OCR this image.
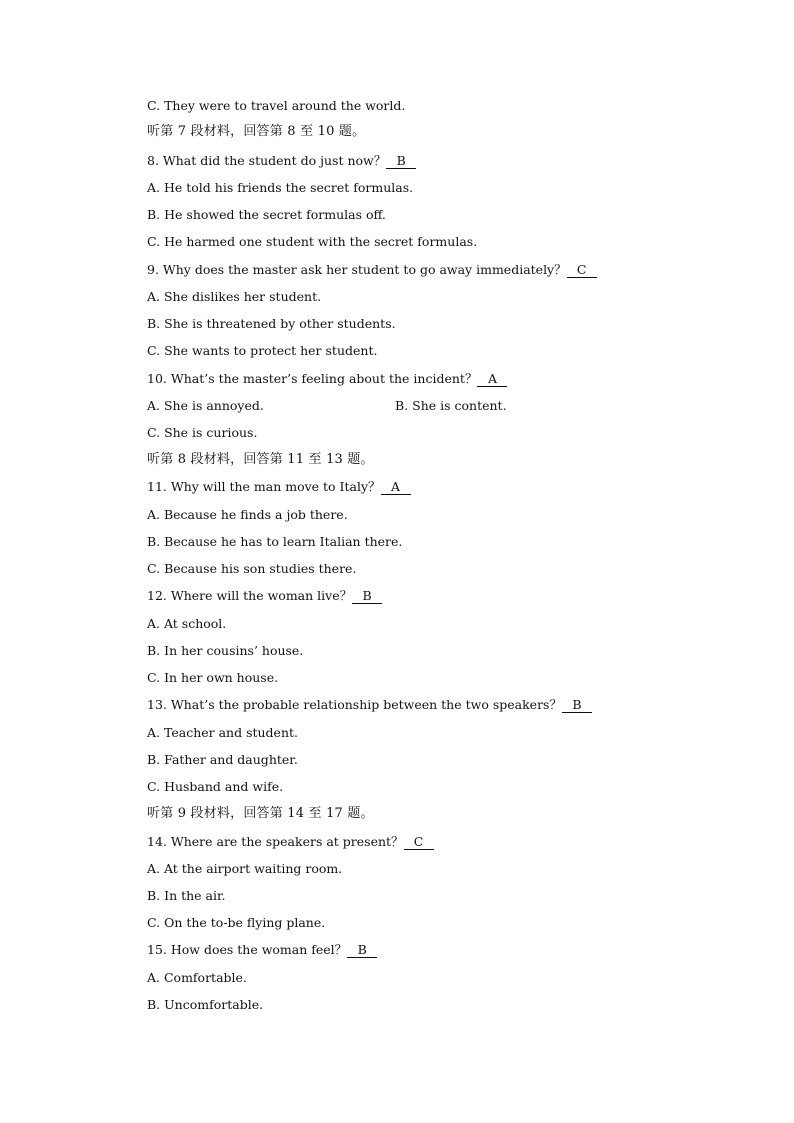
C. They were to travel around the world.
听第 7 段材料，回答第 8 至 10 题。
8. What did the student do just now？ B
A. He told his friends the secret formulas.
B. He showed the secret formulas off.
C. He harmed one student with the secret formulas.
9. Why does the master ask her student to go away immediately？ C
A. She dislikes her student.
B. She is threatened by other students.
C. She wants to protect her student.
10. What’s the master’s feeling about the incident？ A
A. She is annoyed.	B. She is content.
C. She is curious.
听第 8 段材料，回答第 11 至 13 题。
11. Why will the man move to Italy？ A
A. Because he finds a job there.
B. Because he has to learn Italian there.
C. Because his son studies there.
12. Where will the woman live？ B
A. At school.
B. In her cousins’ house.
C. In her own house.
13. What’s the probable relationship between the two speakers？ B
A. Teacher and student.
B. Father and daughter.
C. Husband and wife.
听第 9 段材料，回答第 14 至 17 题。
14. Where are the speakers at present？ C
A. At the airport waiting room.
B. In the air.
C. On the to-be flying plane.
15. How does the woman feel？ B
A. Comfortable.
B. Uncomfortable.
